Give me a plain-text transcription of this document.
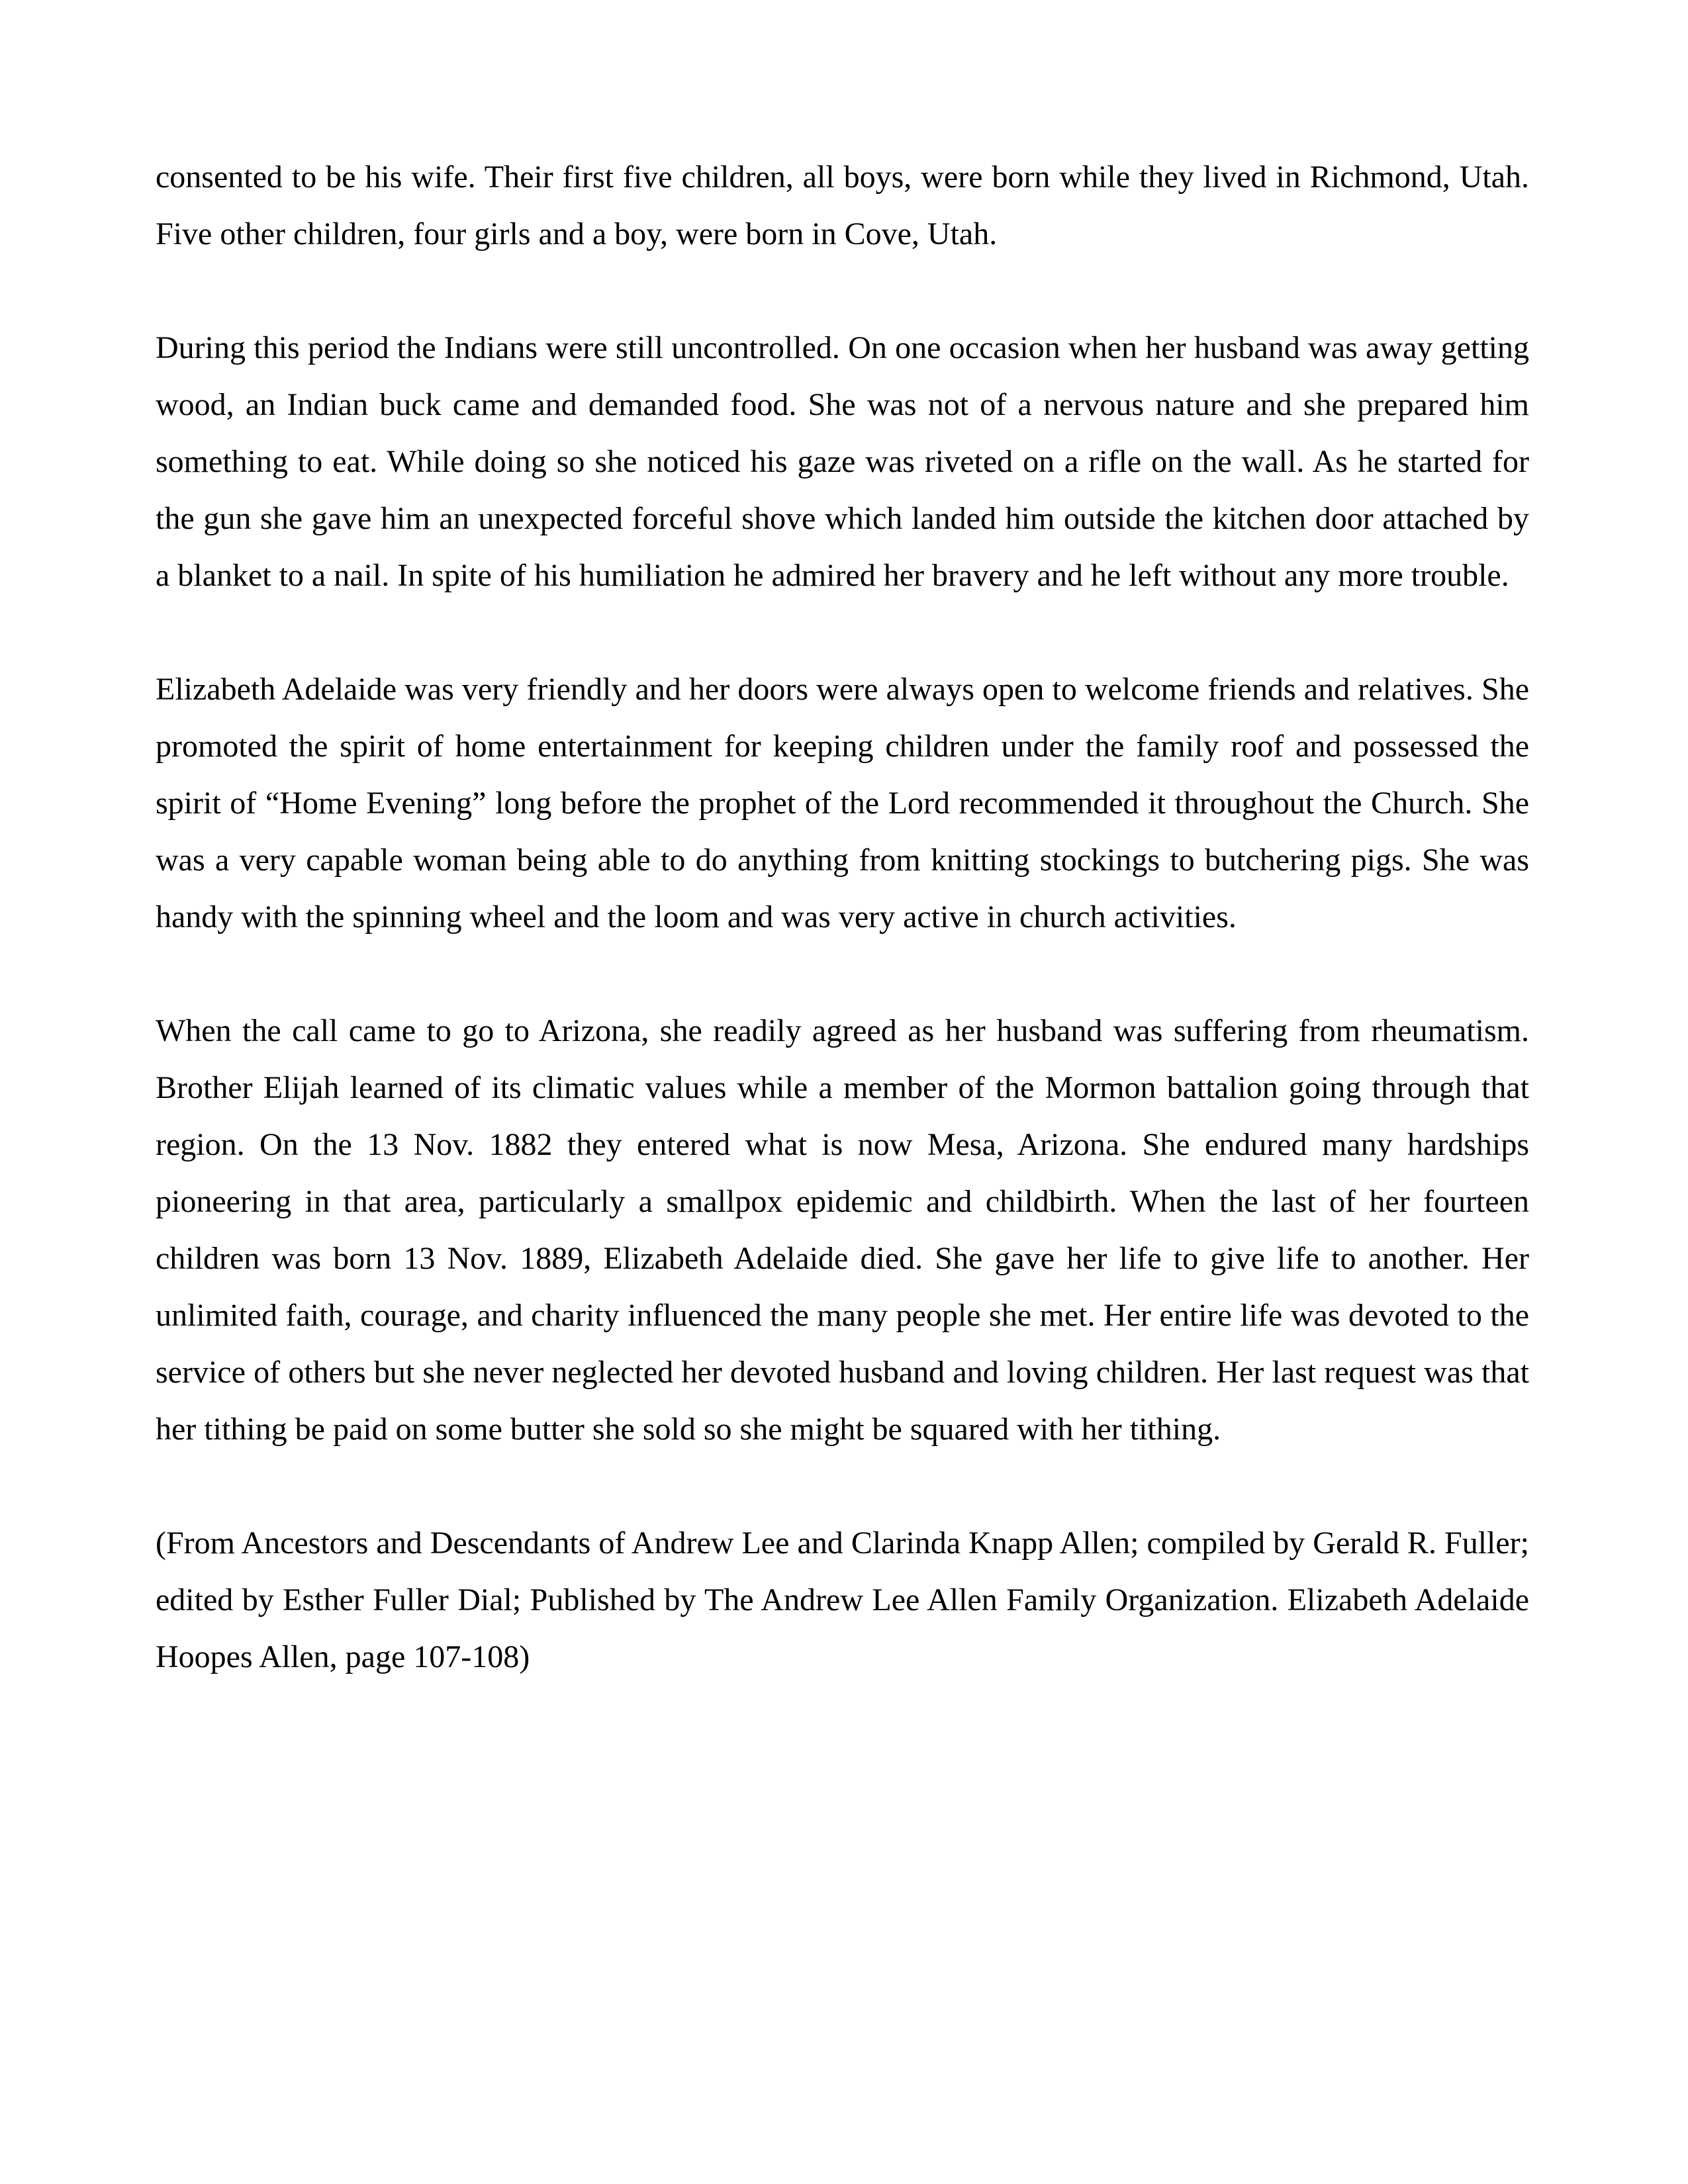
consented to be his wife. Their first five children, all boys, were born while they lived in Richmond, Utah. Five other children, four girls and a boy, were born in Cove, Utah.

During this period the Indians were still uncontrolled. On one occasion when her husband was away getting wood, an Indian buck came and demanded food. She was not of a nervous nature and she prepared him something to eat. While doing so she noticed his gaze was riveted on a rifle on the wall. As he started for the gun she gave him an unexpected forceful shove which landed him outside the kitchen door attached by a blanket to a nail. In spite of his humiliation he admired her bravery and he left without any more trouble.

Elizabeth Adelaide was very friendly and her doors were always open to welcome friends and relatives. She promoted the spirit of home entertainment for keeping children under the family roof and possessed the spirit of “Home Evening” long before the prophet of the Lord recommended it throughout the Church. She was a very capable woman being able to do anything from knitting stockings to butchering pigs. She was handy with the spinning wheel and the loom and was very active in church activities.

When the call came to go to Arizona, she readily agreed as her husband was suffering from rheumatism. Brother Elijah learned of its climatic values while a member of the Mormon battalion going through that region. On the 13 Nov. 1882 they entered what is now Mesa, Arizona. She endured many hardships pioneering in that area, particularly a smallpox epidemic and childbirth. When the last of her fourteen children was born 13 Nov. 1889, Elizabeth Adelaide died. She gave her life to give life to another. Her unlimited faith, courage, and charity influenced the many people she met. Her entire life was devoted to the service of others but she never neglected her devoted husband and loving children. Her last request was that her tithing be paid on some butter she sold so she might be squared with her tithing.

(From Ancestors and Descendants of Andrew Lee and Clarinda Knapp Allen; compiled by Gerald R. Fuller; edited by Esther Fuller Dial; Published by The Andrew Lee Allen Family Organization. Elizabeth Adelaide Hoopes Allen, page 107-108)
